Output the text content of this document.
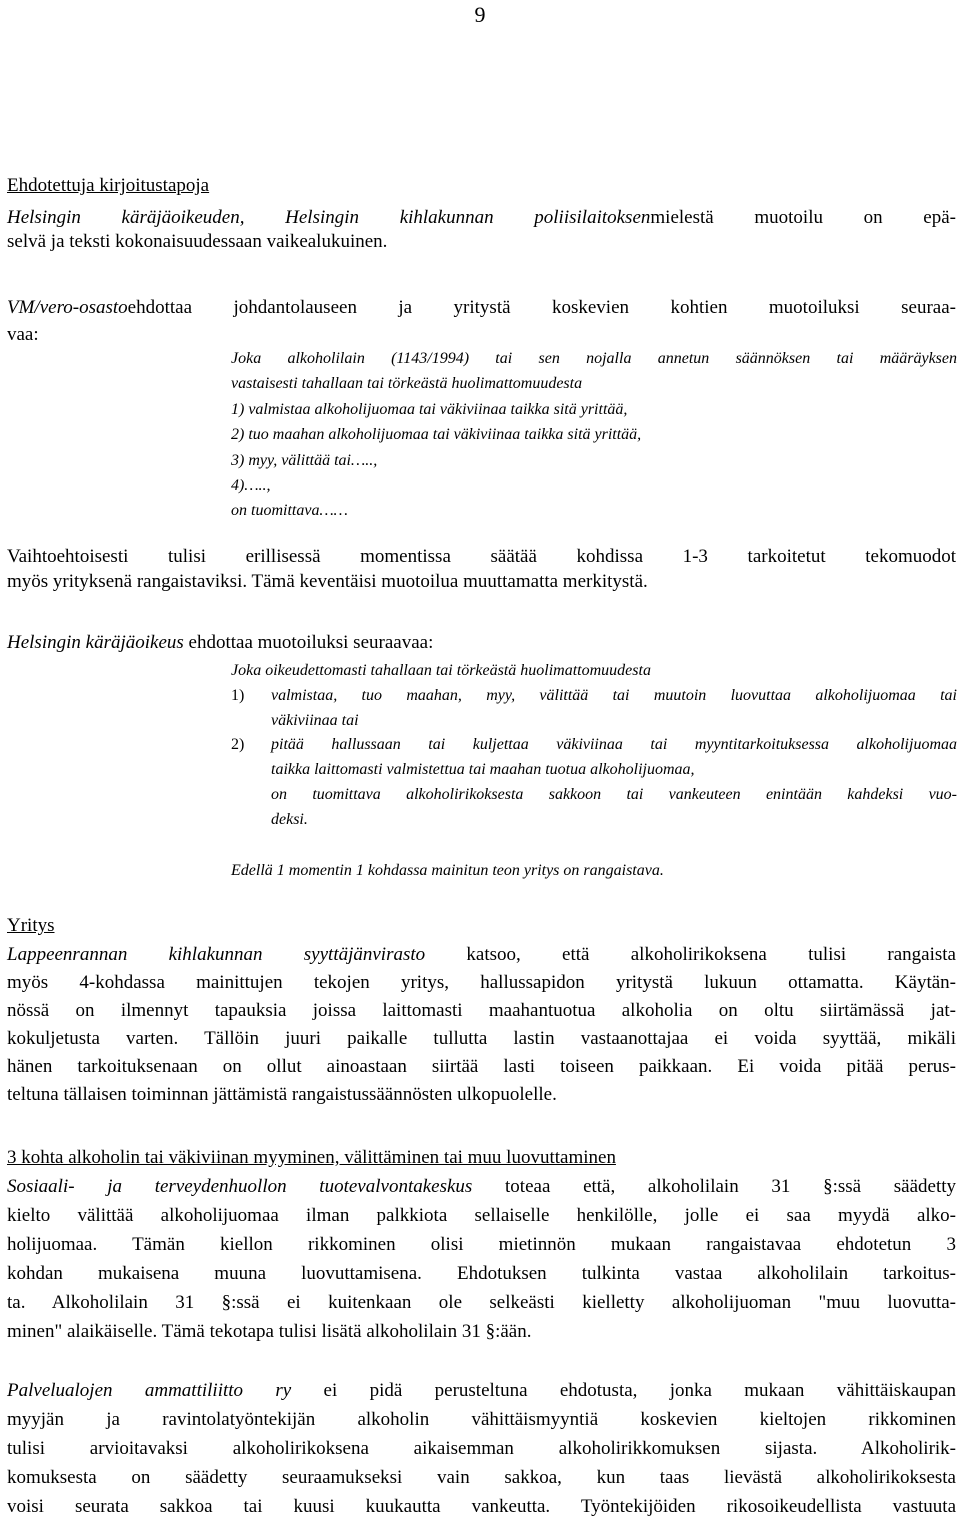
9
Ehdotettuja kirjoitustapoja
Helsingin käräjäoikeuden, Helsingin kihlakunnan poliisilaitoksenmielestä muotoilu on epä-
selvä ja teksti kokonaisuudessaan vaikealukuinen.
VM/vero-osastoehdottaa johdantolauseen ja yritystä koskevien kohtien muotoiluksi seuraa-
vaa:
Joka alkoholilain (1143/1994) tai sen nojalla annetun säännöksen tai määräyksen
vastaisesti tahallaan tai törkeästä huolimattomuudesta
1) valmistaa alkoholijuomaa tai väkiviinaa taikka sitä yrittää,
2) tuo maahan alkoholijuomaa tai väkiviinaa taikka sitä yrittää,
3) myy, välittää tai…..,
4)…..,
on tuomittava……
Vaihtoehtoisesti tulisi erillisessä momentissa säätää kohdissa 1-3 tarkoitetut tekomuodot
myös yrityksenä rangaistaviksi. Tämä keventäisi muotoilua muuttamatta merkitystä.
Helsingin käräjäoikeus ehdottaa muotoiluksi seuraavaa:
Joka oikeudettomasti tahallaan tai törkeästä huolimattomuudesta
1) valmistaa, tuo maahan, myy, välittää tai muutoin luovuttaa alkoholijuomaa tai
väkiviinaa tai
2) pitää hallussaan tai kuljettaa väkiviinaa tai myyntitarkoituksessa alkoholijuomaa
taikka laittomasti valmistettua tai maahan tuotua alkoholijuomaa,
on tuomittava alkoholirikoksesta sakkoon tai vankeuteen enintään kahdeksi vuo-
deksi.
Edellä 1 momentin 1 kohdassa mainitun teon yritys on rangaistava.
Yritys
Lappeenrannan kihlakunnan syyttäjänvirasto katsoo, että alkoholirikoksena tulisi rangaista
myös 4-kohdassa mainittujen tekojen yritys, hallussapidon yritystä lukuun ottamatta. Käytän-
nössä on ilmennyt tapauksia joissa laittomasti maahantuotua alkoholia on oltu siirtämässä jat-
kokuljetusta varten. Tällöin juuri paikalle tullutta lastin vastaanottajaa ei voida syyttää, mikäli
hänen tarkoituksenaan on ollut ainoastaan siirtää lasti toiseen paikkaan. Ei voida pitää perus-
teltuna tällaisen toiminnan jättämistä rangaistussäännösten ulkopuolelle.
3 kohta alkoholin tai väkiviinan myyminen, välittäminen tai muu luovuttaminen
Sosiaali- ja terveydenhuollon tuotevalvontakeskus toteaa että, alkoholilain 31 §:ssä säädetty
kielto välittää alkoholijuomaa ilman palkkiota sellaiselle henkilölle, jolle ei saa myydä alko-
holijuomaa. Tämän kiellon rikkominen olisi mietinnön mukaan rangaistavaa ehdotetun 3
kohdan mukaisena muuna luovuttamisena. Ehdotuksen tulkinta vastaa alkoholilain tarkoitus-
ta. Alkoholilain 31 §:ssä ei kuitenkaan ole selkeästi kielletty alkoholijuoman "muu luovutta-
minen" alaikäiselle. Tämä tekotapa tulisi lisätä alkoholilain 31 §:ään.
Palvelualojen ammattiliitto ry ei pidä perusteltuna ehdotusta, jonka mukaan vähittäiskaupan
myyjän ja ravintolatyöntekijän alkoholin vähittäismyyntiä koskevien kieltojen rikkominen
tulisi arvioitavaksi alkoholirikoksena aikaisemman alkoholirikkomuksen sijasta. Alkoholirik-
komuksesta on säädetty seuraamukseksi vain sakkoa, kun taas lievästä alkoholirikoksesta
voisi seurata sakkoa tai kuusi kuukautta vankeutta. Työntekijöiden rikosoikeudellista vastuuta
